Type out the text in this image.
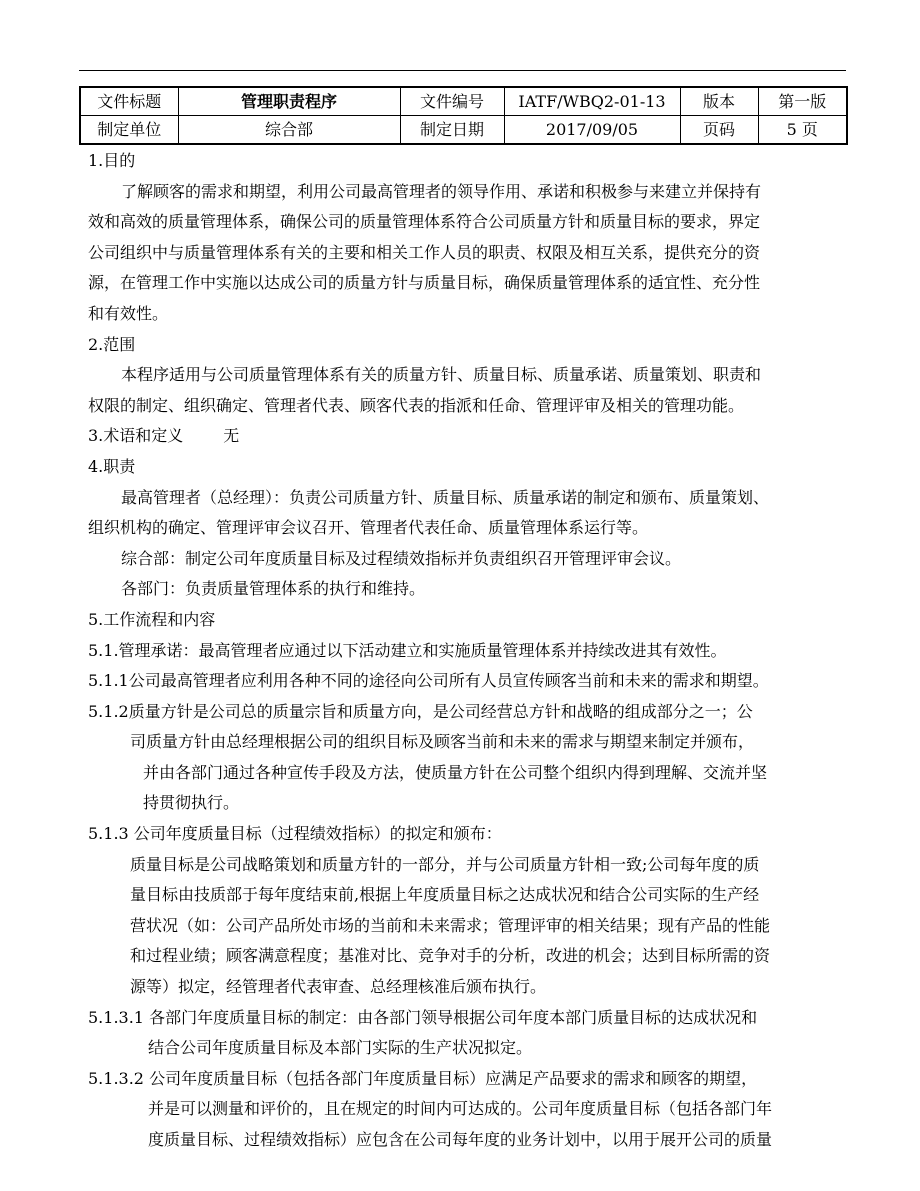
文件标题	管理职责程序	文件编号	IATF/WBQ2-01-13	版本	第一版
制定单位	综合部	制定日期	2017/09/05	页码	5 页

1.目的

了解顾客的需求和期望，利用公司最高管理者的领导作用、承诺和积极参与来建立并保持有

效和高效的质量管理体系，确保公司的质量管理体系符合公司质量方针和质量目标的要求，界定

公司组织中与质量管理体系有关的主要和相关工作人员的职责、权限及相互关系，提供充分的资

源，在管理工作中实施以达成公司的质量方针与质量目标，确保质量管理体系的适宜性、充分性

和有效性。

2.范围

本程序适用与公司质量管理体系有关的质量方针、质量目标、质量承诺、质量策划、职责和

权限的制定、组织确定、管理者代表、顾客代表的指派和任命、管理评审及相关的管理功能。

3.术语和定义	无

4.职责

最高管理者（总经理）：负责公司质量方针、质量目标、质量承诺的制定和颁布、质量策划、

组织机构的确定、管理评审会议召开、管理者代表任命、质量管理体系运行等。

综合部：制定公司年度质量目标及过程绩效指标并负责组织召开管理评审会议。

各部门：负责质量管理体系的执行和维持。

5.工作流程和内容

5.1.管理承诺：最高管理者应通过以下活动建立和实施质量管理体系并持续改进其有效性。

5.1.1公司最高管理者应利用各种不同的途径向公司所有人员宣传顾客当前和未来的需求和期望。

5.1.2质量方针是公司总的质量宗旨和质量方向，是公司经营总方针和战略的组成部分之一；公

司质量方针由总经理根据公司的组织目标及顾客当前和未来的需求与期望来制定并颁布，

并由各部门通过各种宣传手段及方法，使质量方针在公司整个组织内得到理解、交流并坚

持贯彻执行。

5.1.3 公司年度质量目标（过程绩效指标）的拟定和颁布：

质量目标是公司战略策划和质量方针的一部分，并与公司质量方针相一致;公司每年度的质

量目标由技质部于每年度结束前,根据上年度质量目标之达成状况和结合公司实际的生产经

营状况（如：公司产品所处市场的当前和未来需求；管理评审的相关结果；现有产品的性能

和过程业绩；顾客满意程度；基准对比、竞争对手的分析，改进的机会；达到目标所需的资

源等）拟定，经管理者代表审查、总经理核准后颁布执行。

5.1.3.1 各部门年度质量目标的制定：由各部门领导根据公司年度本部门质量目标的达成状况和

结合公司年度质量目标及本部门实际的生产状况拟定。

5.1.3.2 公司年度质量目标（包括各部门年度质量目标）应满足产品要求的需求和顾客的期望，

并是可以测量和评价的，且在规定的时间内可达成的。公司年度质量目标（包括各部门年

度质量目标、过程绩效指标）应包含在公司每年度的业务计划中，以用于展开公司的质量
